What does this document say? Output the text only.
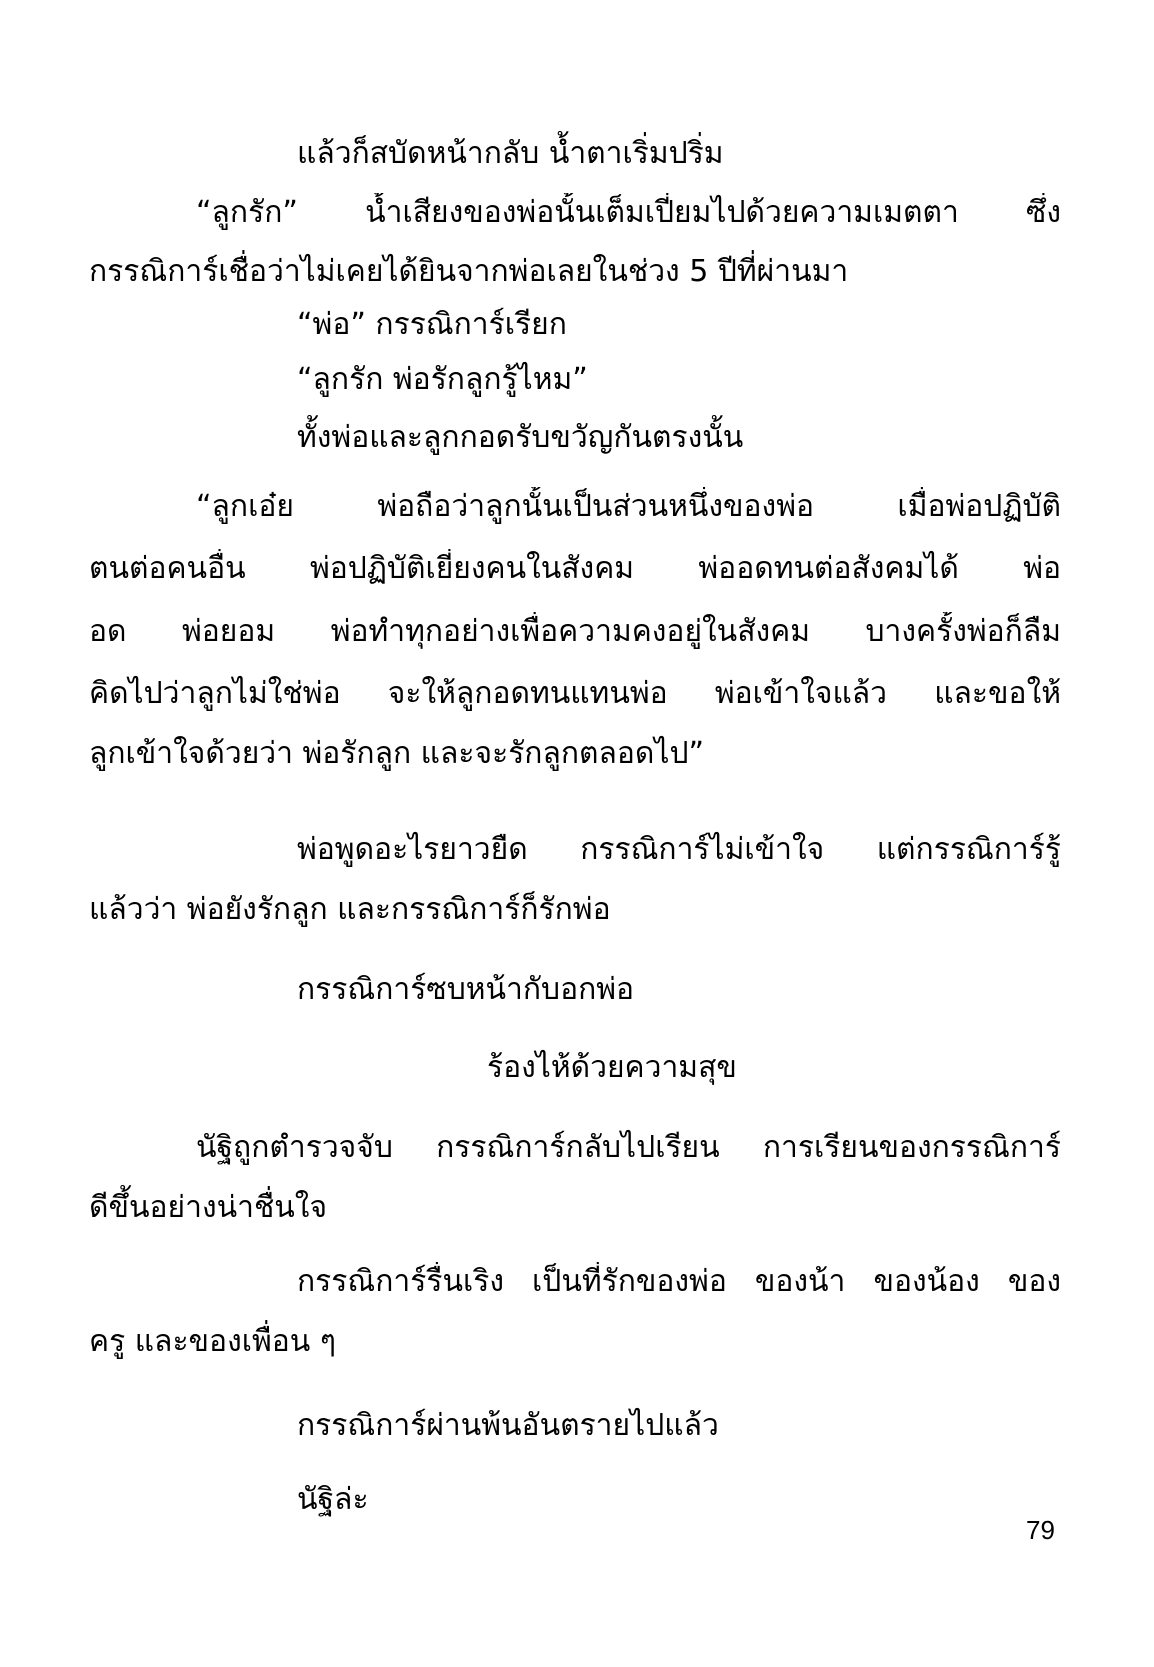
แล้วก็สบัดหน้ากลับ น้ำตาเริ่มปริ่ม

“ลูกรัก” น้ำเสียงของพ่อนั้นเต็มเปี่ยมไปด้วยความเมตตา ซึ่ง

กรรณิการ์เชื่อว่าไม่เคยได้ยินจากพ่อเลยในช่วง 5 ปีที่ผ่านมา

“พ่อ” กรรณิการ์เรียก

“ลูกรัก พ่อรักลูกรู้ไหม”

ทั้งพ่อและลูกกอดรับขวัญกันตรงนั้น

“ลูกเอ๋ย พ่อถือว่าลูกนั้นเป็นส่วนหนึ่งของพ่อ เมื่อพ่อปฏิบัติ

ตนต่อคนอื่น พ่อปฏิบัติเยี่ยงคนในสังคม พ่ออดทนต่อสังคมได้ พ่อ

อด พ่อยอม พ่อทำทุกอย่างเพื่อความคงอยู่ในสังคม บางครั้งพ่อก็ลืม

คิดไปว่าลูกไม่ใช่พ่อ จะให้ลูกอดทนแทนพ่อ พ่อเข้าใจแล้ว และขอให้

ลูกเข้าใจด้วยว่า พ่อรักลูก และจะรักลูกตลอดไป”

พ่อพูดอะไรยาวยืด กรรณิการ์ไม่เข้าใจ แต่กรรณิการ์รู้

แล้วว่า พ่อยังรักลูก และกรรณิการ์ก็รักพ่อ

กรรณิการ์ซบหน้ากับอกพ่อ

ร้องไห้ด้วยความสุข

นัฐิถูกตำรวจจับ กรรณิการ์กลับไปเรียน การเรียนของกรรณิการ์

ดีขึ้นอย่างน่าชื่นใจ

กรรณิการ์รื่นเริง เป็นที่รักของพ่อ ของน้า ของน้อง ของ

ครู และของเพื่อน ๆ

กรรณิการ์ผ่านพ้นอันตรายไปแล้ว

นัฐิล่ะ

79
